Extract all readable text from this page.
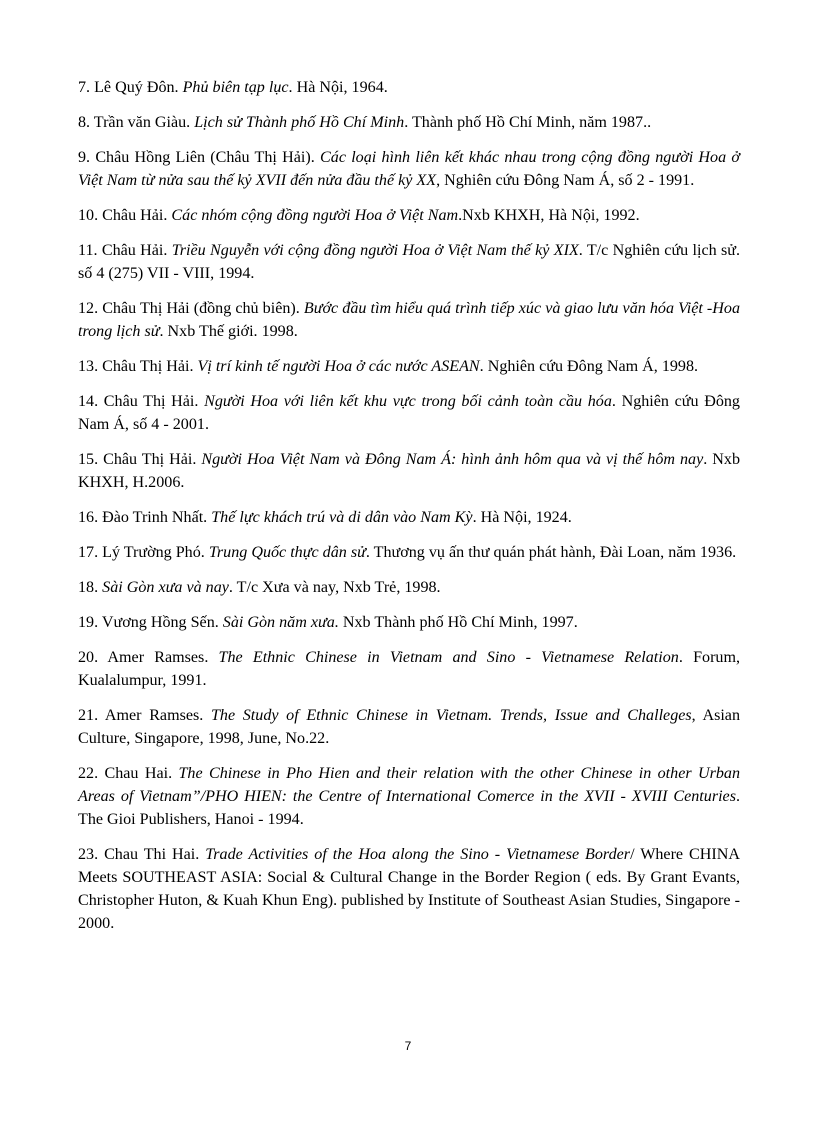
7. Lê Quý Đôn. Phủ biên tạp lục. Hà Nội, 1964.

8. Trần văn Giàu. Lịch sử Thành phố Hồ Chí Minh. Thành phố Hồ Chí Minh, năm 1987..

9. Châu Hồng Liên (Châu Thị Hải). Các loại hình liên kết khác nhau trong cộng đồng người Hoa ở Việt Nam từ nửa sau thế kỷ XVII đến nửa đầu thế kỷ XX, Nghiên cứu Đông Nam Á, số 2 - 1991.

10. Châu Hải. Các nhóm cộng đồng người Hoa ở Việt Nam.Nxb KHXH, Hà Nội, 1992.

11. Châu Hải. Triều Nguyễn với cộng đồng người Hoa ở Việt Nam thế kỷ XIX. T/c Nghiên cứu lịch sử. số 4 (275) VII - VIII, 1994.

12. Châu Thị Hải (đồng chủ biên). Bước đầu tìm hiểu quá trình tiếp xúc và giao lưu văn hóa Việt -Hoa trong lịch sử. Nxb Thế giới. 1998.

13. Châu Thị Hải. Vị trí kinh tế người Hoa ở các nước ASEAN. Nghiên cứu Đông Nam Á, 1998.

14. Châu Thị Hải. Người Hoa với liên kết khu vực trong bối cảnh toàn cầu hóa. Nghiên cứu Đông Nam Á, số 4 - 2001.

15. Châu Thị Hải. Người Hoa Việt Nam và Đông Nam Á: hình ảnh hôm qua và vị thế hôm nay. Nxb KHXH, H.2006.

16. Đào Trinh Nhất. Thế lực khách trú và di dân vào Nam Kỳ. Hà Nội, 1924.

17. Lý Trường Phó. Trung Quốc thực dân sử. Thương vụ ấn thư quán phát hành, Đài Loan, năm 1936.

18. Sài Gòn xưa và nay. T/c Xưa và nay, Nxb Trẻ, 1998.

19. Vương Hồng Sến. Sài Gòn năm xưa. Nxb Thành phố Hồ Chí Minh, 1997.

20. Amer Ramses. The Ethnic Chinese in Vietnam and Sino - Vietnamese Relation. Forum, Kualalumpur, 1991.

21. Amer Ramses. The Study of Ethnic Chinese in Vietnam. Trends, Issue and Challeges, Asian Culture, Singapore, 1998, June, No.22.

22. Chau Hai. The Chinese in Pho Hien and their relation with the other Chinese in other Urban Areas of Vietnam”/PHO HIEN: the Centre of International Comerce in the XVII - XVIII Centuries. The Gioi Publishers, Hanoi - 1994.

23. Chau Thi Hai. Trade Activities of the Hoa along the Sino - Vietnamese Border/ Where CHINA Meets SOUTHEAST ASIA: Social & Cultural Change in the Border Region ( eds. By Grant Evants, Christopher Huton, & Kuah Khun Eng). published by Institute of Southeast Asian Studies, Singapore - 2000.

7
